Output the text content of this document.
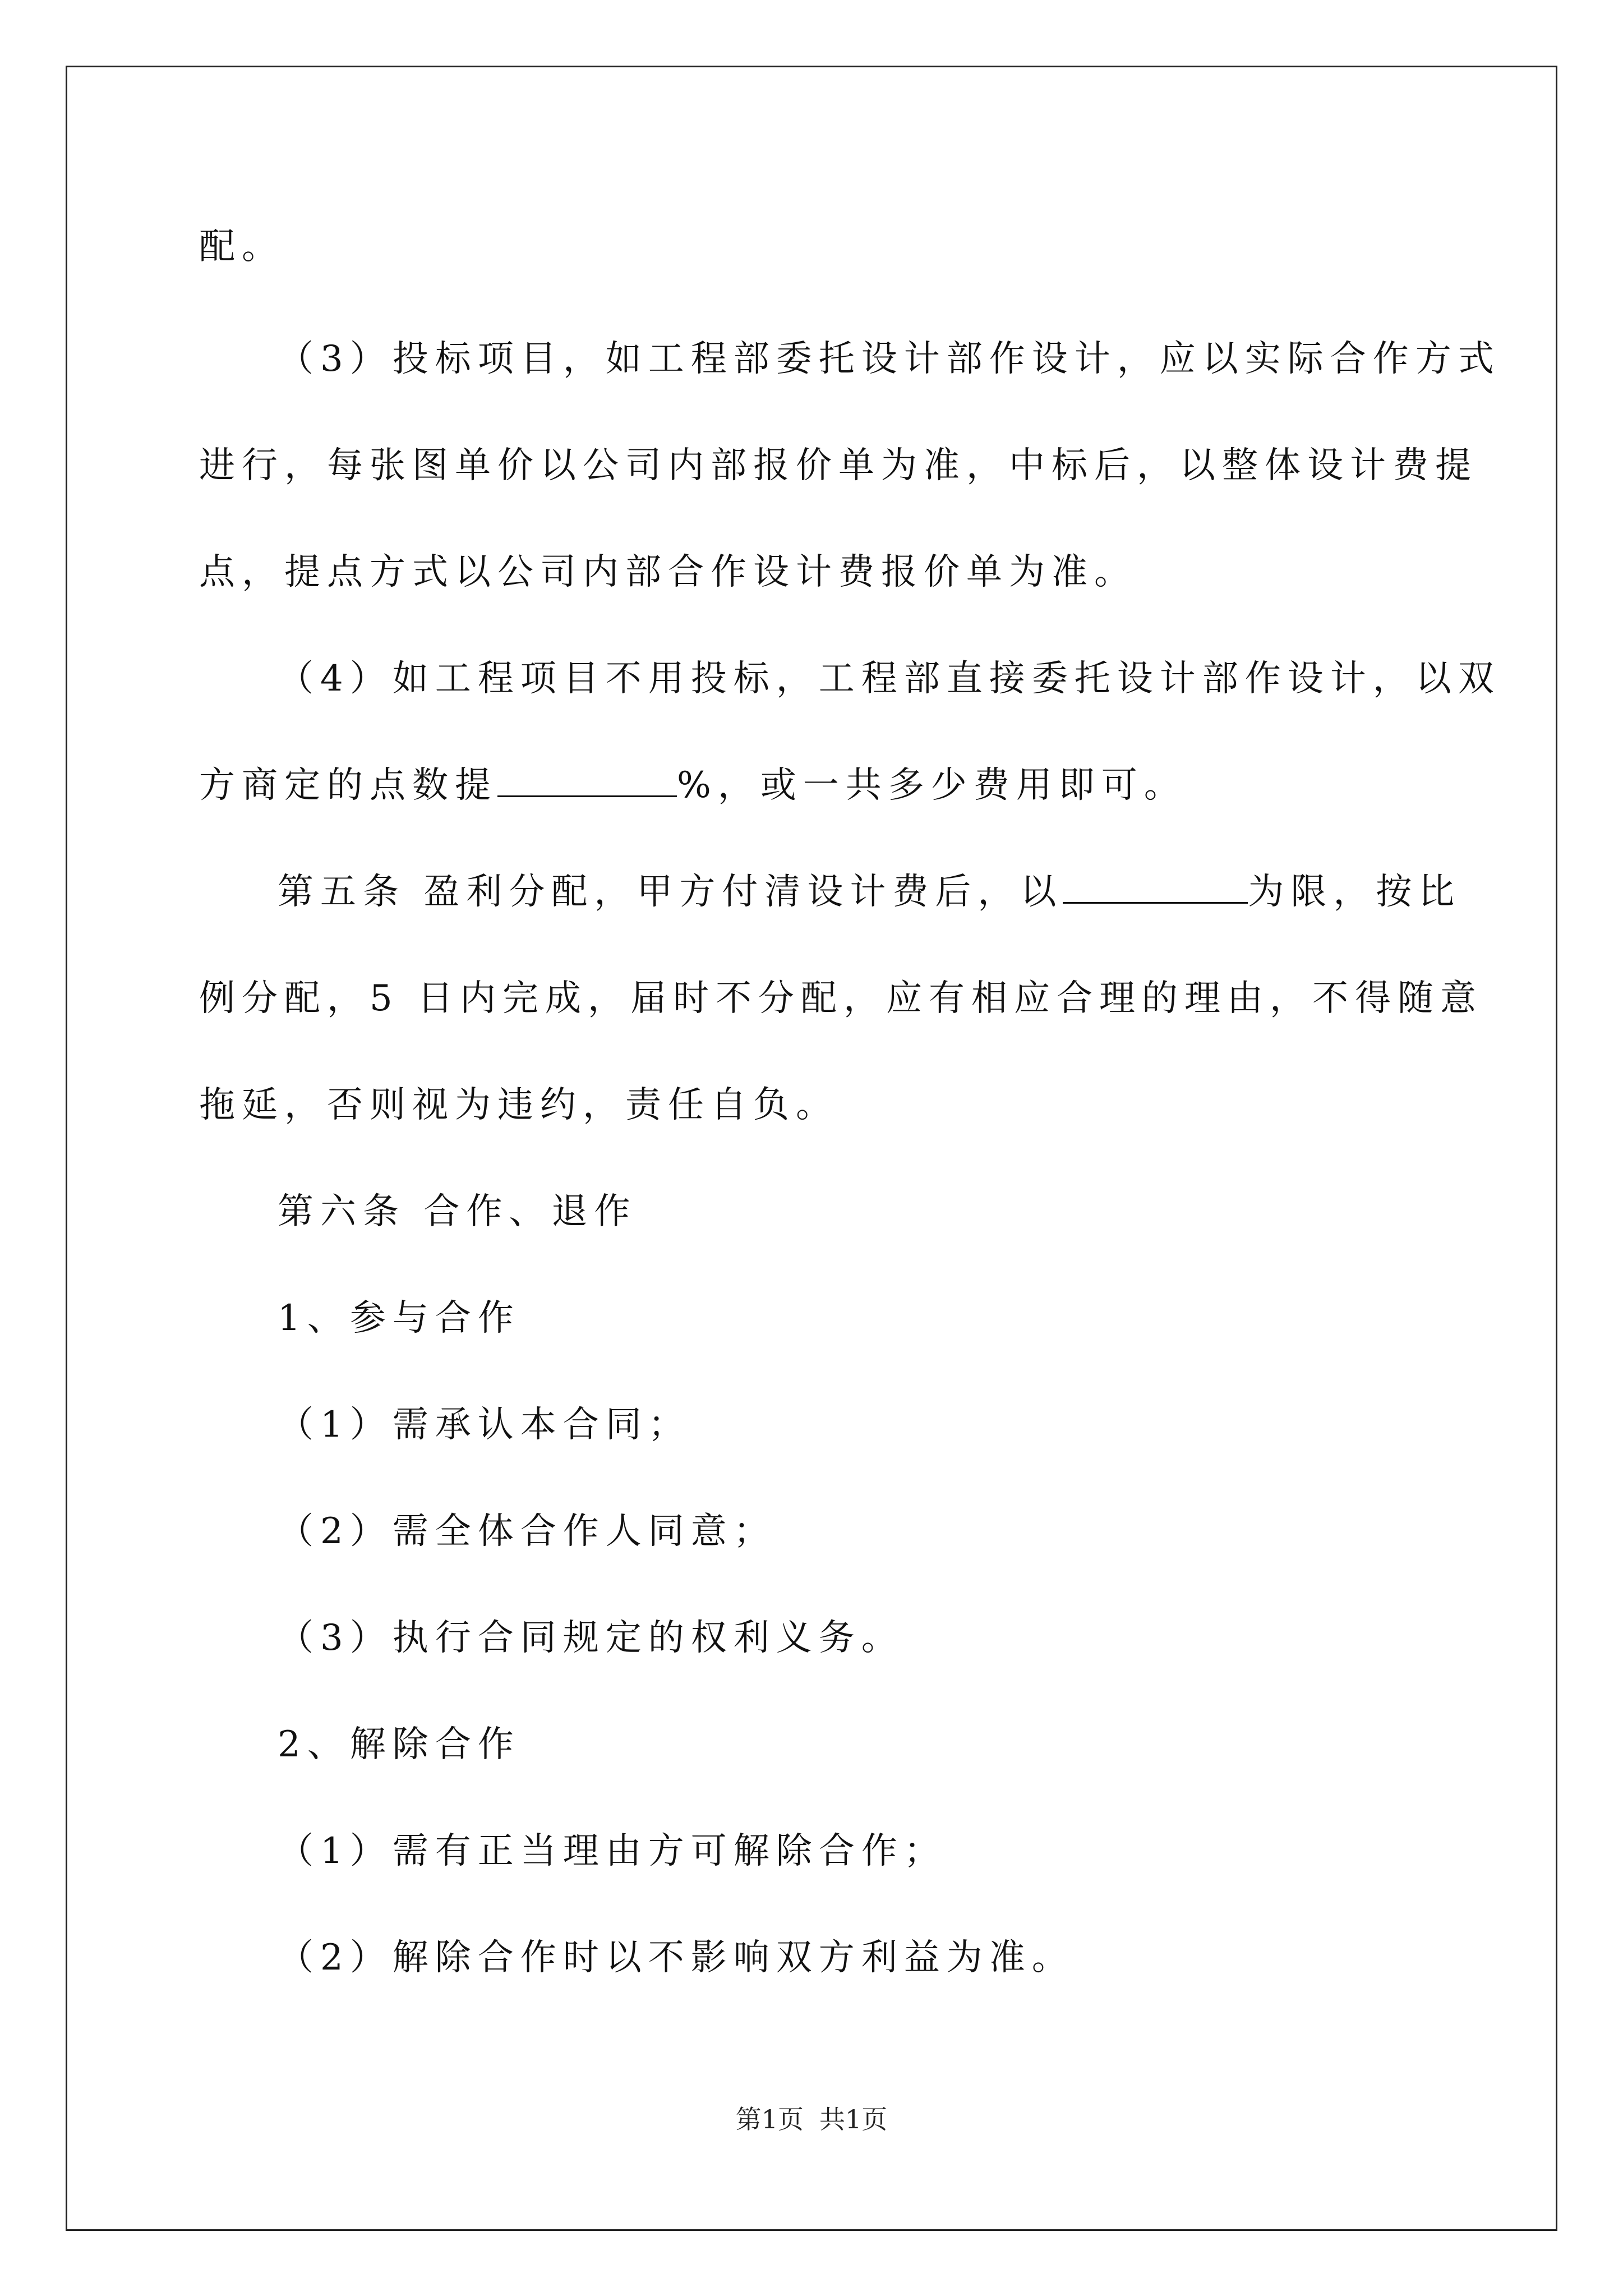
配。
（3）投标项目，如工程部委托设计部作设计，应以实际合作方式
进行，每张图单价以公司内部报价单为准，中标后，以整体设计费提
点，提点方式以公司内部合作设计费报价单为准。
（4）如工程项目不用投标，工程部直接委托设计部作设计，以双
方商定的点数提	%，或一共多少费用即可。
第五条 盈利分配，甲方付清设计费后，以	为限，按比
例分配，5 日内完成，届时不分配，应有相应合理的理由，不得随意
拖延，否则视为违约，责任自负。
第六条 合作、退作
1、参与合作
（1）需承认本合同；
（2）需全体合作人同意；
（3）执行合同规定的权利义务。
2、解除合作
（1）需有正当理由方可解除合作；
（2）解除合作时以不影响双方利益为准。
第1页 共1页
